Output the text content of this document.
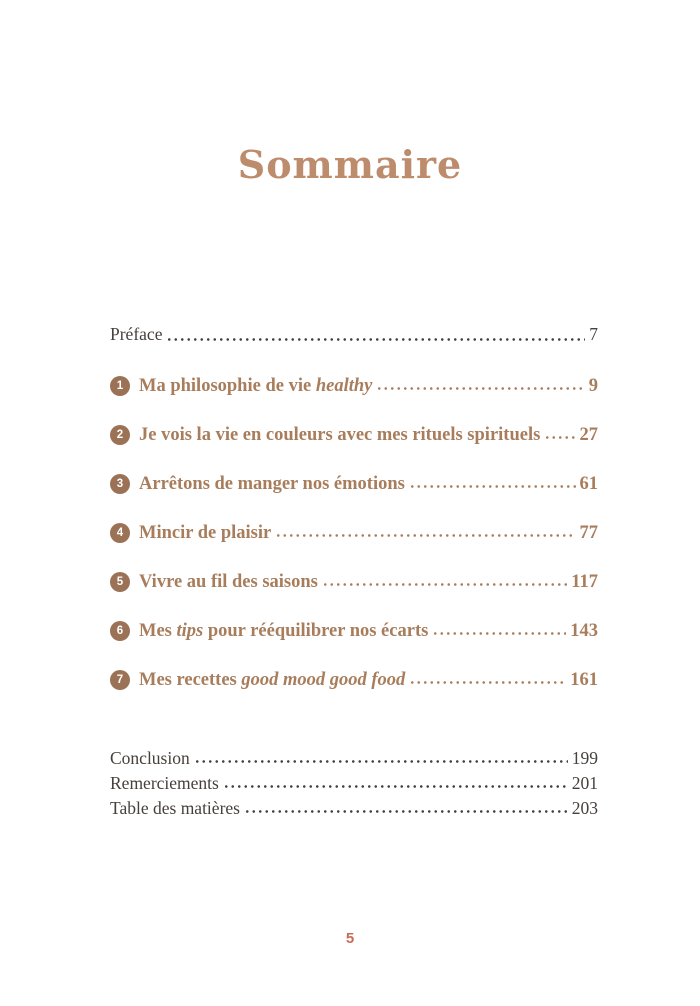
Sommaire
Préface	7
1 Ma philosophie de vie healthy	9
2 Je vois la vie en couleurs avec mes rituels spirituels 27
3 Arrêtons de manger nos émotions	61
4 Mincir de plaisir	77
5 Vivre au fil des saisons	117
6 Mes tips pour rééquilibrer nos écarts	143
7 Mes recettes good mood good food	161
Conclusion	199
Remerciements	201
Table des matières	203
5
